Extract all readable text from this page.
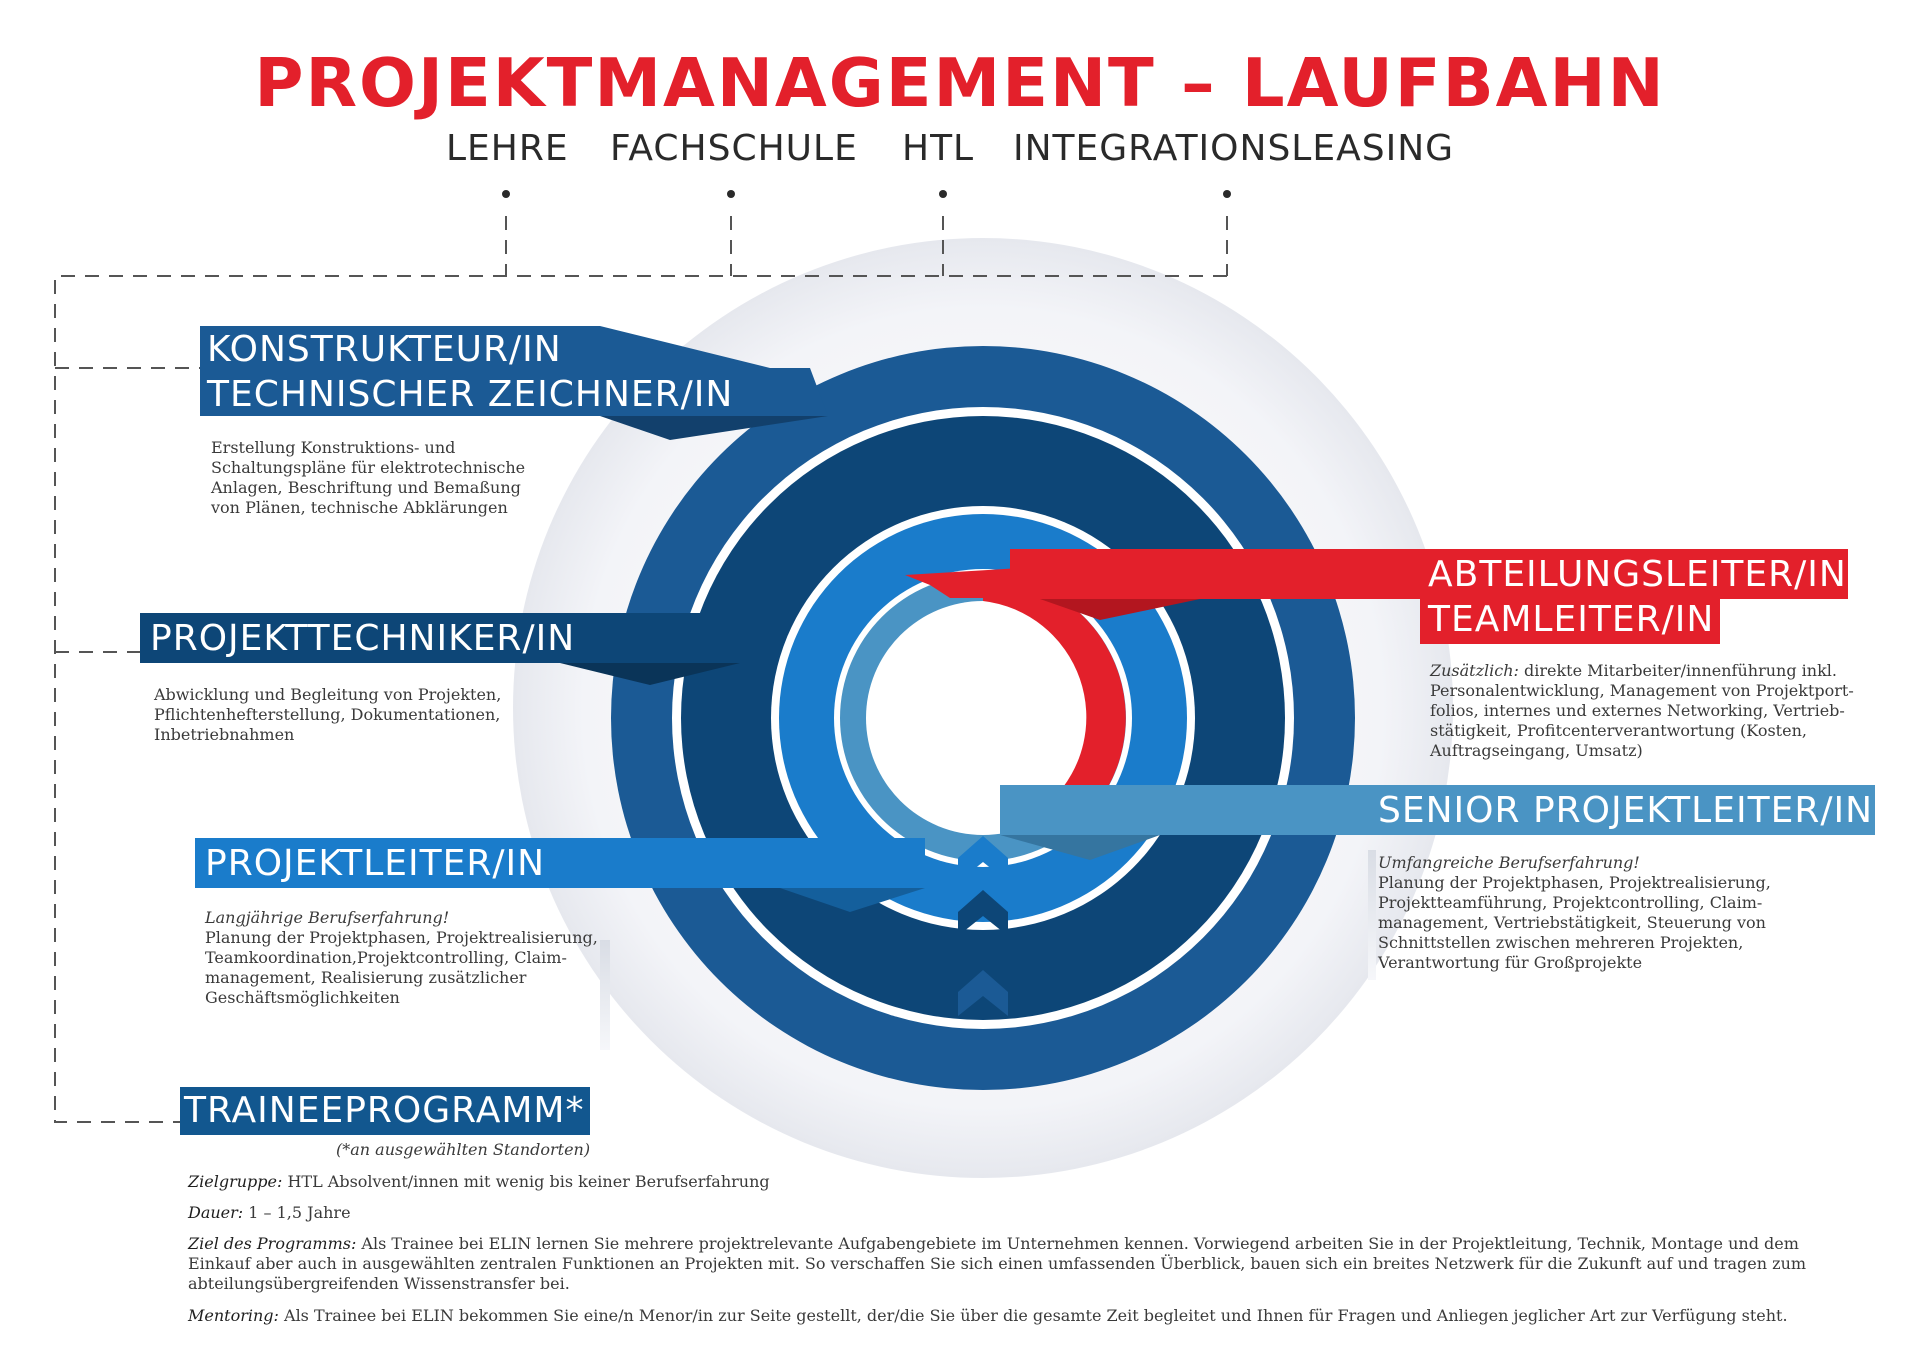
PROJEKTMANAGEMENT – LAUFBAHN
LEHRE FACHSCHULE HTL INTEGRATIONSLEASING
KONSTRUKTEUR/IN
TECHNISCHER ZEICHNER/IN
Erstellung Konstruktions- und
Schaltungspläne für elektrotechnische
Anlagen, Beschriftung und Bemaßung
von Plänen, technische Abklärungen
PROJEKTTECHNIKER/IN
Abwicklung und Begleitung von Projekten,
Pflichtenhefterstellung, Dokumentationen,
Inbetriebnahmen
PROJEKTLEITER/IN
Langjährige Berufserfahrung!
Planung der Projektphasen, Projektrealisierung,
Teamkoordination,Projektcontrolling, Claim-
management, Realisierung zusätzlicher
Geschäftsmöglichkeiten
ABTEILUNGSLEITER/IN
TEAMLEITER/IN
Zusätzlich: direkte Mitarbeiter/innenführung inkl.
Personalentwicklung, Management von Projektport-
folios, internes und externes Networking, Vertrieb-
stätigkeit, Profitcenterverantwortung (Kosten,
Auftragseingang, Umsatz)
SENIOR PROJEKTLEITER/IN
Umfangreiche Berufserfahrung!
Planung der Projektphasen, Projektrealisierung,
Projektteamführung, Projektcontrolling, Claim-
management, Vertriebstätigkeit, Steuerung von
Schnittstellen zwischen mehreren Projekten,
Verantwortung für Großprojekte
TRAINEEPROGRAMM*
(*an ausgewählten Standorten)
Zielgruppe: HTL Absolvent/innen mit wenig bis keiner Berufserfahrung
Dauer: 1 – 1,5 Jahre
Ziel des Programms: Als Trainee bei ELIN lernen Sie mehrere projektrelevante Aufgabengebiete im Unternehmen kennen. Vorwiegend arbeiten Sie in der Projektleitung, Technik, Montage und dem Einkauf aber auch in ausgewählten zentralen Funktionen an Projekten mit. So verschaffen Sie sich einen umfassenden Überblick, bauen sich ein breites Netzwerk für die Zukunft auf und tragen zum abteilungsübergreifenden Wissenstransfer bei.
Mentoring: Als Trainee bei ELIN bekommen Sie eine/n Menor/in zur Seite gestellt, der/die Sie über die gesamte Zeit begleitet und Ihnen für Fragen und Anliegen jeglicher Art zur Verfügung steht.
